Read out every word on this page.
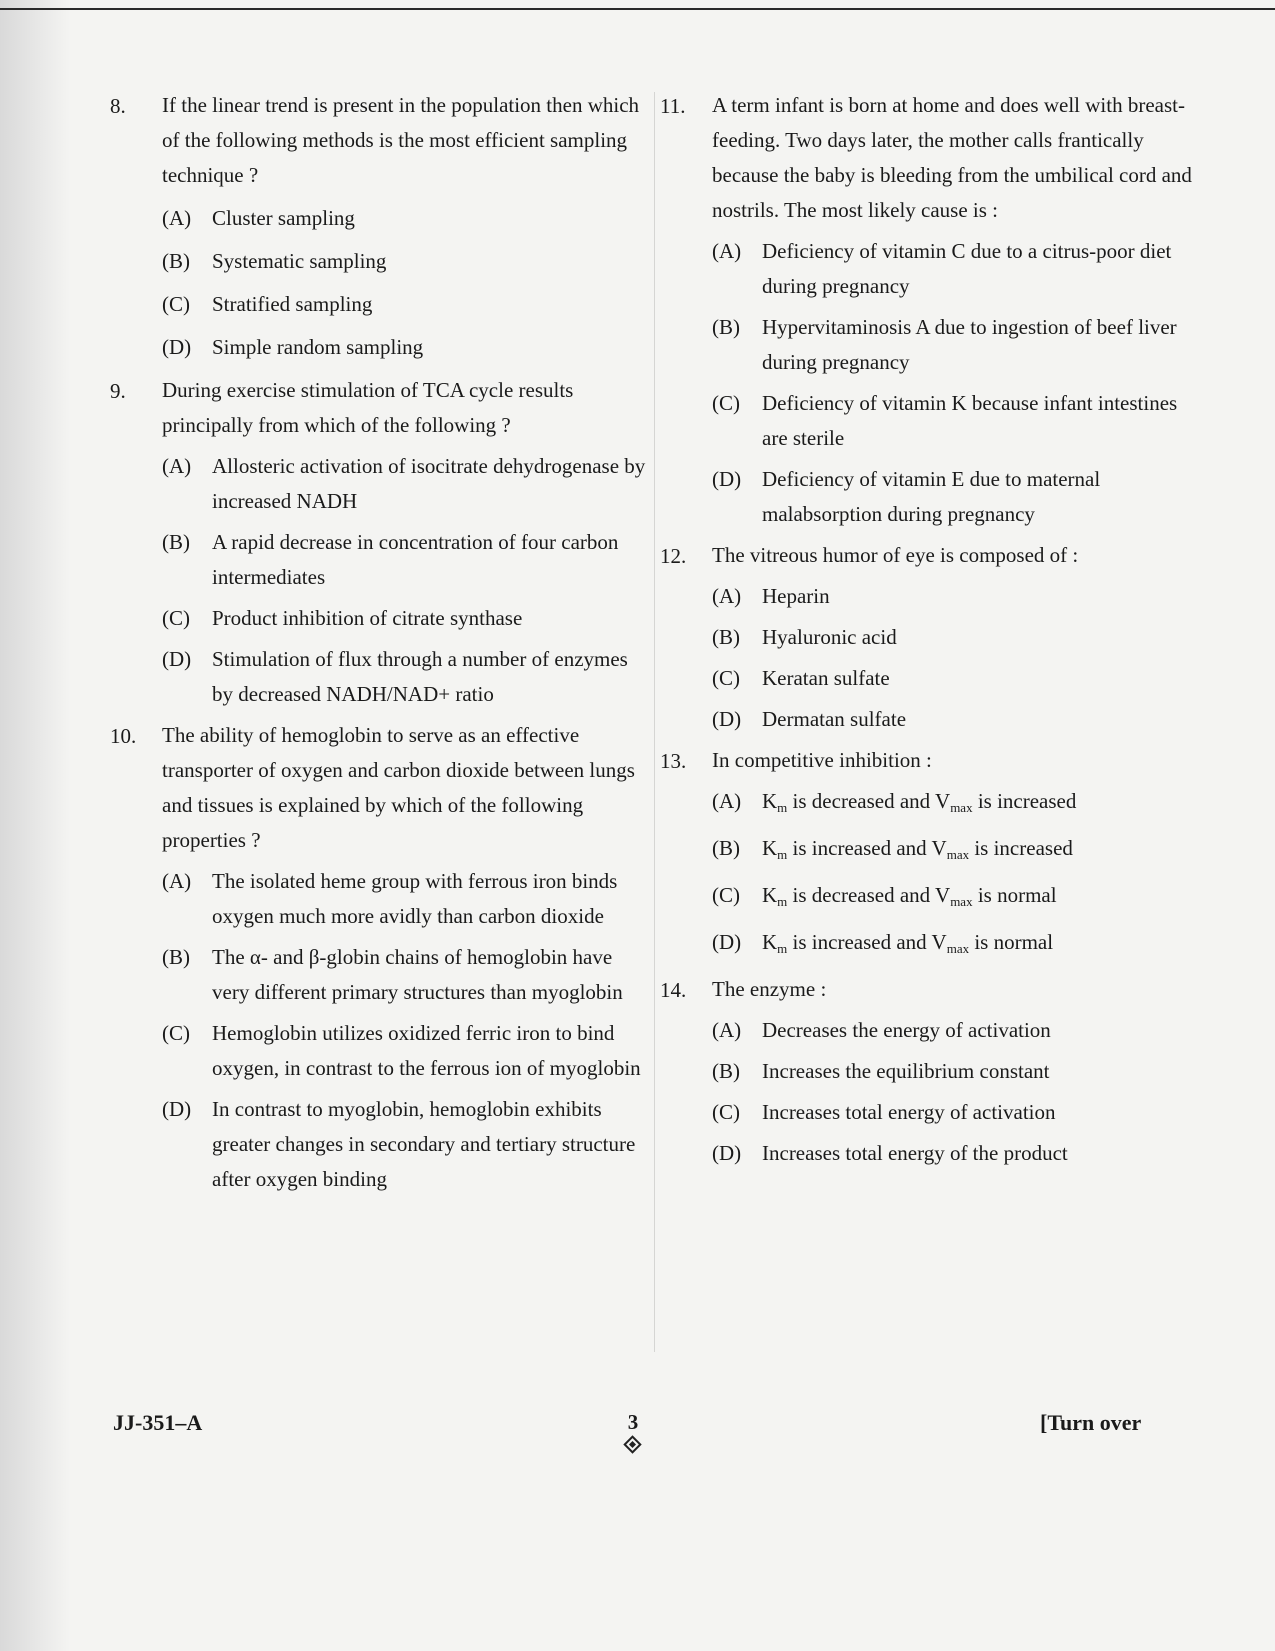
8. If the linear trend is present in the population then which of the following methods is the most efficient sampling technique ?
(A) Cluster sampling
(B) Systematic sampling
(C) Stratified sampling
(D) Simple random sampling
9. During exercise stimulation of TCA cycle results principally from which of the following ?
(A) Allosteric activation of isocitrate dehydrogenase by increased NADH
(B) A rapid decrease in concentration of four carbon intermediates
(C) Product inhibition of citrate synthase
(D) Stimulation of flux through a number of enzymes by decreased NADH/NAD+ ratio
10. The ability of hemoglobin to serve as an effective transporter of oxygen and carbon dioxide between lungs and tissues is explained by which of the following properties ?
(A) The isolated heme group with ferrous iron binds oxygen much more avidly than carbon dioxide
(B) The α- and β-globin chains of hemoglobin have very different primary structures than myoglobin
(C) Hemoglobin utilizes oxidized ferric iron to bind oxygen, in contrast to the ferrous ion of myoglobin
(D) In contrast to myoglobin, hemoglobin exhibits greater changes in secondary and tertiary structure after oxygen binding
11. A term infant is born at home and does well with breast-feeding. Two days later, the mother calls frantically because the baby is bleeding from the umbilical cord and nostrils. The most likely cause is :
(A) Deficiency of vitamin C due to a citrus-poor diet during pregnancy
(B) Hypervitaminosis A due to ingestion of beef liver during pregnancy
(C) Deficiency of vitamin K because infant intestines are sterile
(D) Deficiency of vitamin E due to maternal malabsorption during pregnancy
12. The vitreous humor of eye is composed of :
(A) Heparin
(B) Hyaluronic acid
(C) Keratan sulfate
(D) Dermatan sulfate
13. In competitive inhibition :
(A) $K_m$ is decreased and $V_{max}$ is increased
(B) $K_m$ is increased and $V_{max}$ is increased
(C) $K_m$ is decreased and $V_{max}$ is normal
(D) $K_m$ is increased and $V_{max}$ is normal
14. The enzyme :
(A) Decreases the energy of activation
(B) Increases the equilibrium constant
(C) Increases total energy of activation
(D) Increases total energy of the product
JJ-351–A	3	[Turn over
